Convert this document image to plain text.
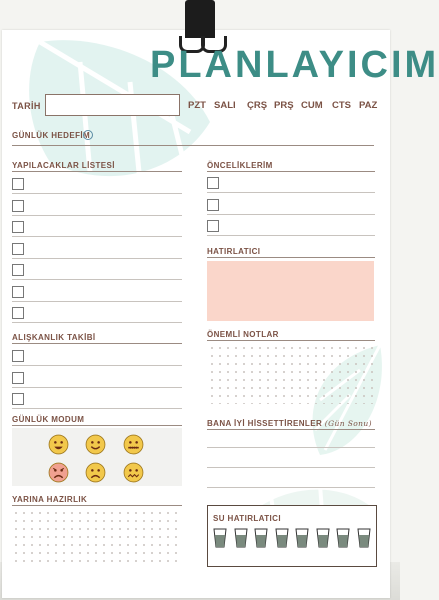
PLANLAYICIM
TARİH	PZT SALI ÇRŞ PRŞ CUM CTS PAZ
GÜNLÜK HEDEFİM
YAPILACAKLAR LİSTESİ	ÖNCELİKLERİM
HATIRLATICI
ALIŞKANLIK TAKİBİ	ÖNEMLİ NOTLAR
GÜNLÜK MODUM	BANA İYİ HİSSETTİRENLER (Gün Sonu)
YARINA HAZIRLIK
SU HATIRLATICI
